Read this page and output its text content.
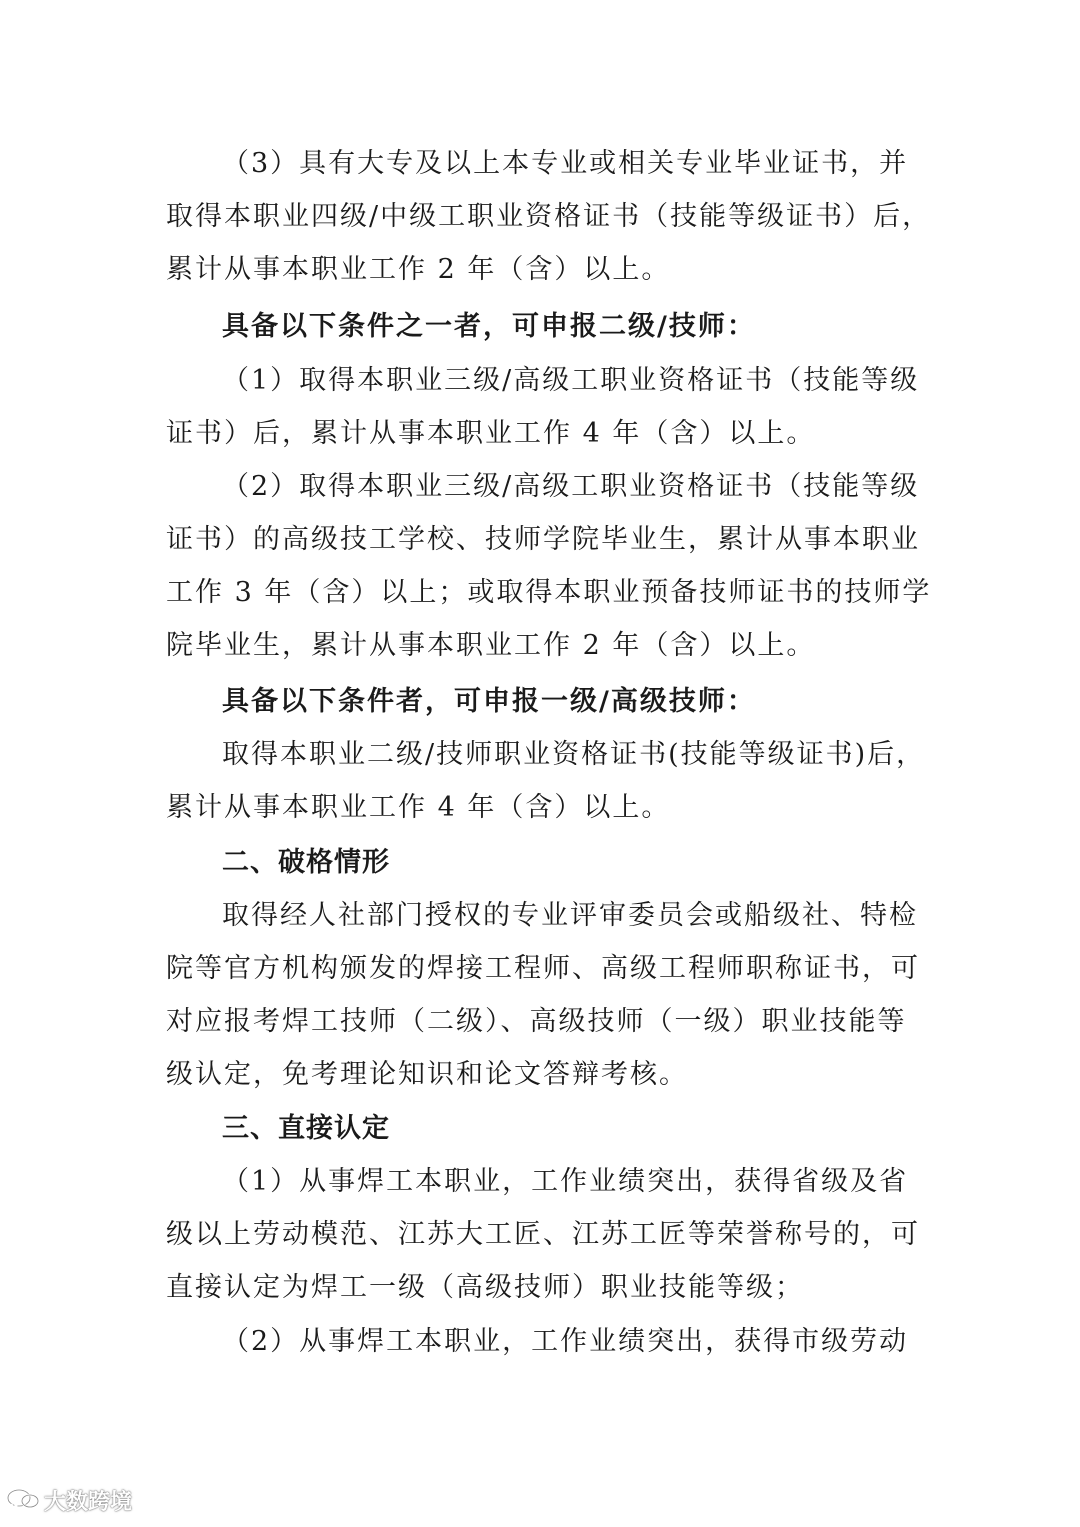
（3）具有大专及以上本专业或相关专业毕业证书，并
取得本职业四级/中级工职业资格证书（技能等级证书）后，
累计从事本职业工作 2 年（含）以上。
具备以下条件之一者，可申报二级/技师：
（1）取得本职业三级/高级工职业资格证书（技能等级
证书）后，累计从事本职业工作 4 年（含）以上。
（2）取得本职业三级/高级工职业资格证书（技能等级
证书）的高级技工学校、技师学院毕业生，累计从事本职业
工作 3 年（含）以上；或取得本职业预备技师证书的技师学
院毕业生，累计从事本职业工作 2 年（含）以上。
具备以下条件者，可申报一级/高级技师：
取得本职业二级/技师职业资格证书(技能等级证书)后，
累计从事本职业工作 4 年（含）以上。
二、破格情形
取得经人社部门授权的专业评审委员会或船级社、特检
院等官方机构颁发的焊接工程师、高级工程师职称证书，可
对应报考焊工技师（二级）、高级技师（一级）职业技能等
级认定，免考理论知识和论文答辩考核。
三、直接认定
（1）从事焊工本职业，工作业绩突出，获得省级及省
级以上劳动模范、江苏大工匠、江苏工匠等荣誉称号的，可
直接认定为焊工一级（高级技师）职业技能等级；
（2）从事焊工本职业，工作业绩突出，获得市级劳动
大数跨境
